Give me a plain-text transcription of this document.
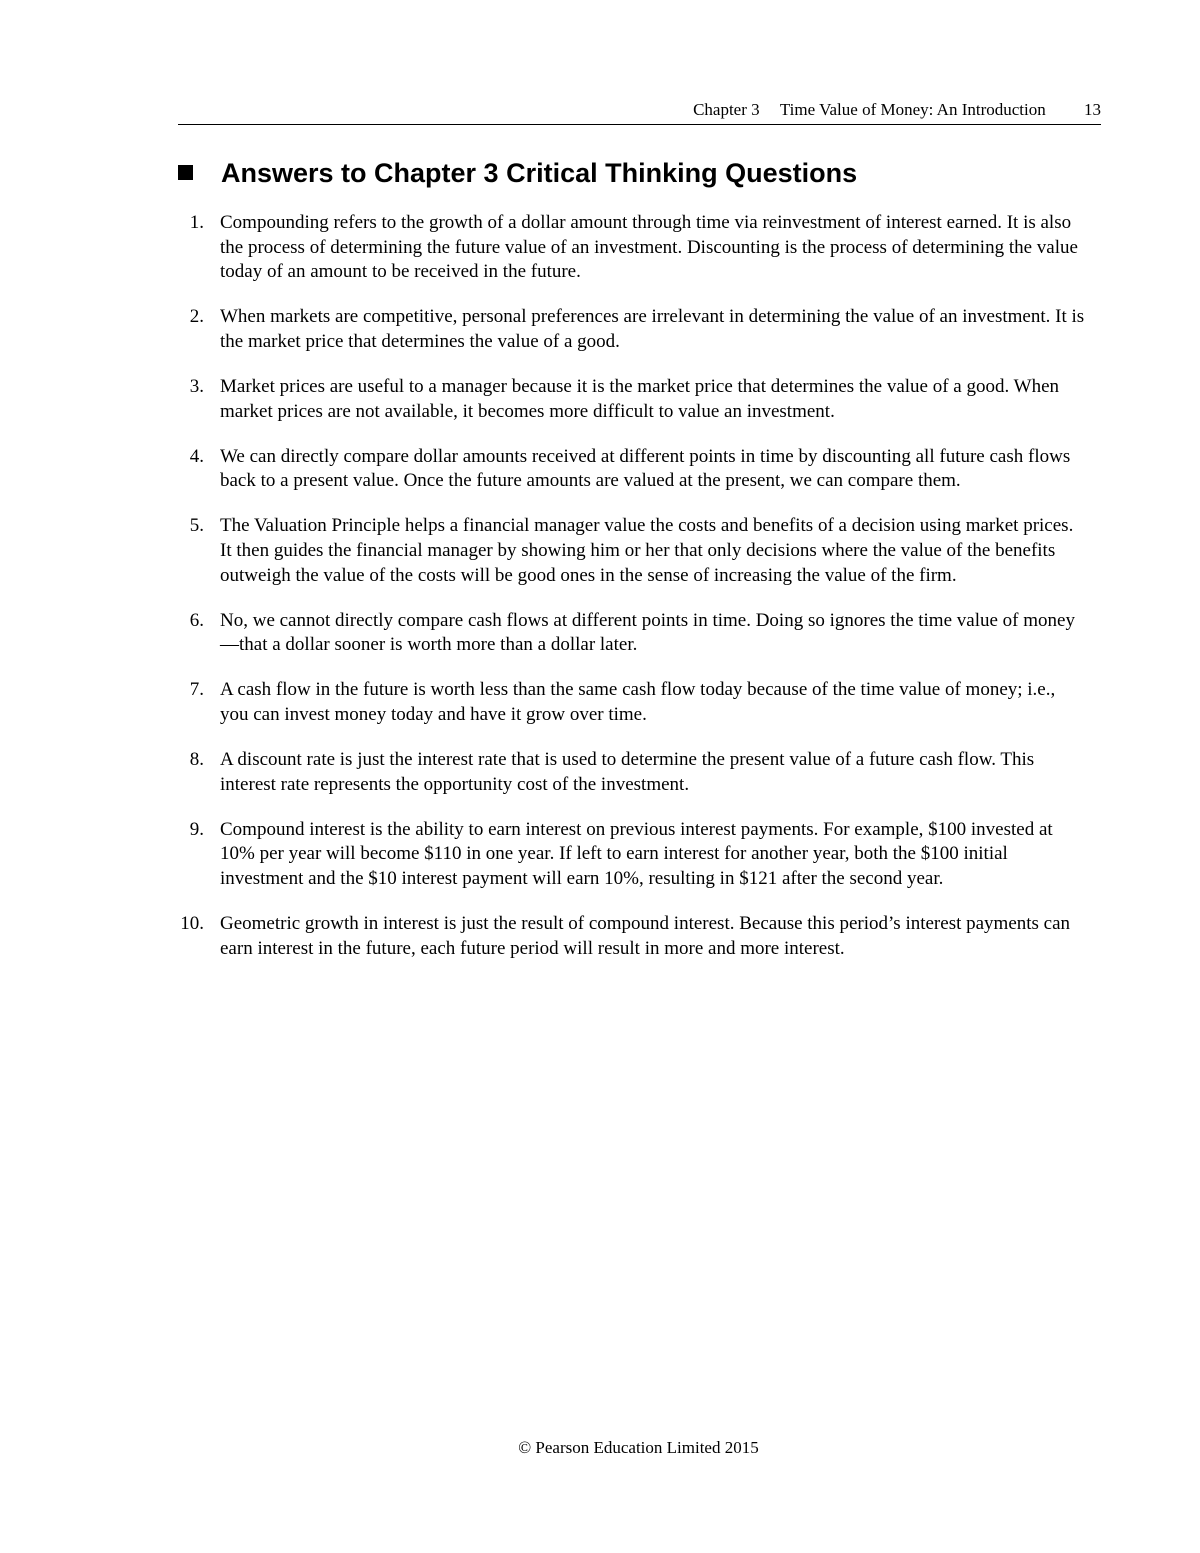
Chapter 3 Time Value of Money: An Introduction 13
Answers to Chapter 3 Critical Thinking Questions
1. Compounding refers to the growth of a dollar amount through time via reinvestment of interest earned. It is also the process of determining the future value of an investment. Discounting is the process of determining the value today of an amount to be received in the future.
2. When markets are competitive, personal preferences are irrelevant in determining the value of an investment. It is the market price that determines the value of a good.
3. Market prices are useful to a manager because it is the market price that determines the value of a good. When market prices are not available, it becomes more difficult to value an investment.
4. We can directly compare dollar amounts received at different points in time by discounting all future cash flows back to a present value. Once the future amounts are valued at the present, we can compare them.
5. The Valuation Principle helps a financial manager value the costs and benefits of a decision using market prices. It then guides the financial manager by showing him or her that only decisions where the value of the benefits outweigh the value of the costs will be good ones in the sense of increasing the value of the firm.
6. No, we cannot directly compare cash flows at different points in time. Doing so ignores the time value of money—that a dollar sooner is worth more than a dollar later.
7. A cash flow in the future is worth less than the same cash flow today because of the time value of money; i.e., you can invest money today and have it grow over time.
8. A discount rate is just the interest rate that is used to determine the present value of a future cash flow. This interest rate represents the opportunity cost of the investment.
9. Compound interest is the ability to earn interest on previous interest payments. For example, $100 invested at 10% per year will become $110 in one year. If left to earn interest for another year, both the $100 initial investment and the $10 interest payment will earn 10%, resulting in $121 after the second year.
10. Geometric growth in interest is just the result of compound interest. Because this period’s interest payments can earn interest in the future, each future period will result in more and more interest.
© Pearson Education Limited 2015
